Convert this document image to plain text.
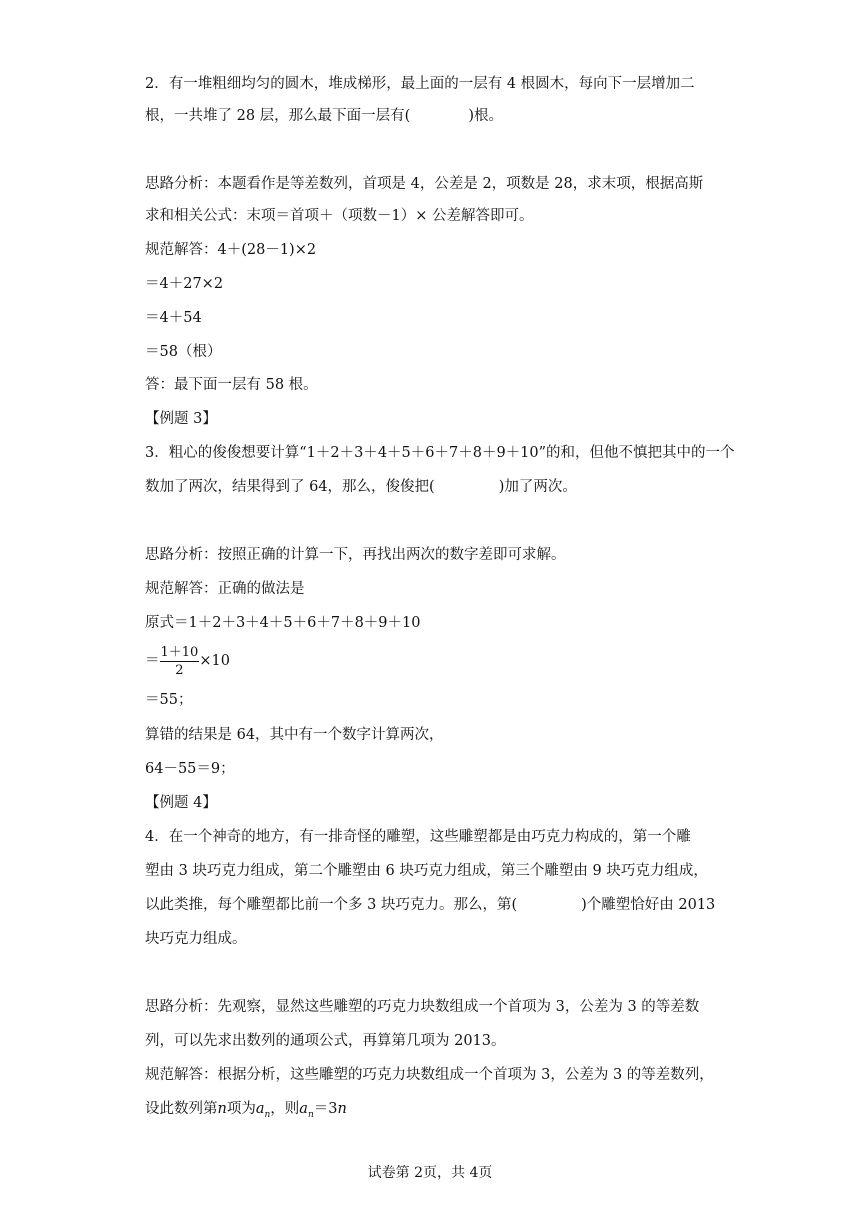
2．有一堆粗细均匀的圆木，堆成梯形，最上面的一层有 4 根圆木，每向下一层增加二
根，一共堆了 28 层，那么最下面一层有(	)根。
思路分析：本题看作是等差数列，首项是 4，公差是 2，项数是 28，求末项，根据高斯
求和相关公式：末项＝首项＋（项数－1）× 公差解答即可。
规范解答：4＋(28－1)×2
＝4＋27×2
＝4＋54
＝58（根）
答：最下面一层有 58 根。
【例题 3】
3．粗心的俊俊想要计算“1＋2＋3＋4＋5＋6＋7＋8＋9＋10”的和，但他不慎把其中的一个
数加了两次，结果得到了 64，那么，俊俊把(	)加了两次。
思路分析：按照正确的计算一下，再找出两次的数字差即可求解。
规范解答：正确的做法是
原式＝1＋2＋3＋4＋5＋6＋7＋8＋9＋10
＝ $\frac{1+10}{2} \times 10$
＝55；
算错的结果是 64，其中有一个数字计算两次，
64－55＝9；
【例题 4】
4．在一个神奇的地方，有一排奇怪的雕塑，这些雕塑都是由巧克力构成的，第一个雕
塑由 3 块巧克力组成，第二个雕塑由 6 块巧克力组成，第三个雕塑由 9 块巧克力组成，
以此类推，每个雕塑都比前一个多 3 块巧克力。那么，第(	)个雕塑恰好由 2013
块巧克力组成。
思路分析：先观察，显然这些雕塑的巧克力块数组成一个首项为 3，公差为 3 的等差数
列，可以先求出数列的通项公式，再算第几项为 2013。
规范解答：根据分析，这些雕塑的巧克力块数组成一个首项为 3，公差为 3 的等差数列，
设此数列第n项为$a_n$，则$a_n=3n$
试卷第 2页，共 4页
